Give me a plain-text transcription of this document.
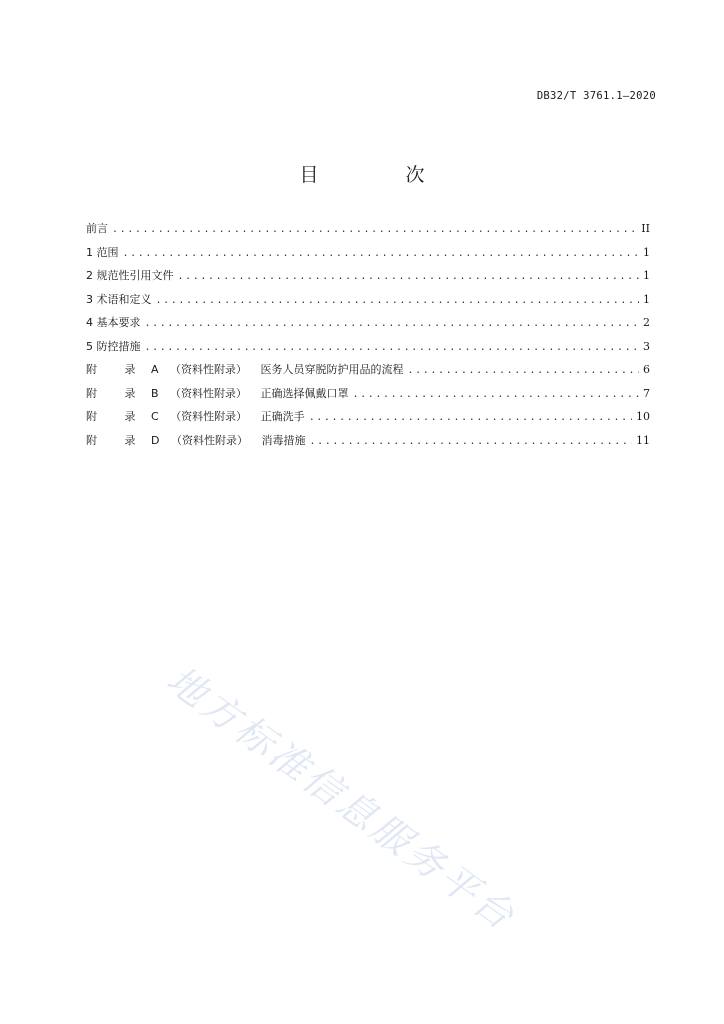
DB32/T 3761.1—2020
目　次
前言 .....	II
1 范围 .....	1
2 规范性引用文件 .....	1
3 术语和定义 .....	1
4 基本要求 .....	2
5 防控措施 .....	3
附 录 A （资料性附录） 医务人员穿脱防护用品的流程 .....	6
附 录 B （资料性附录） 正确选择佩戴口罩 .....	7
附 录 C （资料性附录） 正确洗手 .....	10
附 录 D （资料性附录） 消毒措施 .....	11
地方标准信息服务平台
